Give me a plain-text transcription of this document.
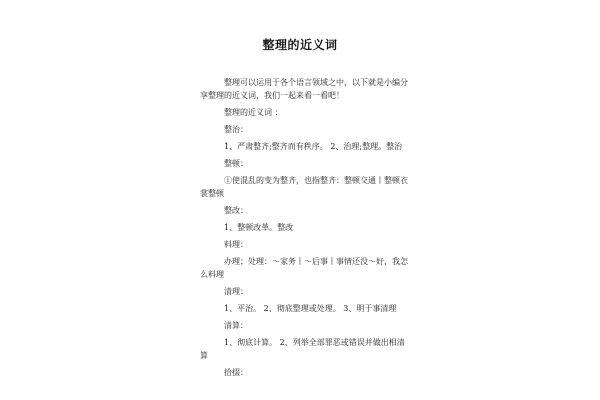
整理的近义词

整理可以运用于各个语言领域之中，以下就是小编分享整理的近义词，我们一起来看一看吧！

整理的近义词 ：

整治：

1、严肃整齐;整齐而有秩序。 2、治理;整理。整治

整顿：

①使混乱的变为整齐，也指整齐：整顿交通丨整顿衣裳整顿

整改：

1、整顿改革。整改

料理：

办理；处理：～家务丨～后事丨事情还没～好，我怎么料理

清理：

1、平治。 2、彻底整理或处理。 3、明于事清理

清算：

1、彻底计算。 2、列举全部罪恶或错误并做出相清算

拾掇：
